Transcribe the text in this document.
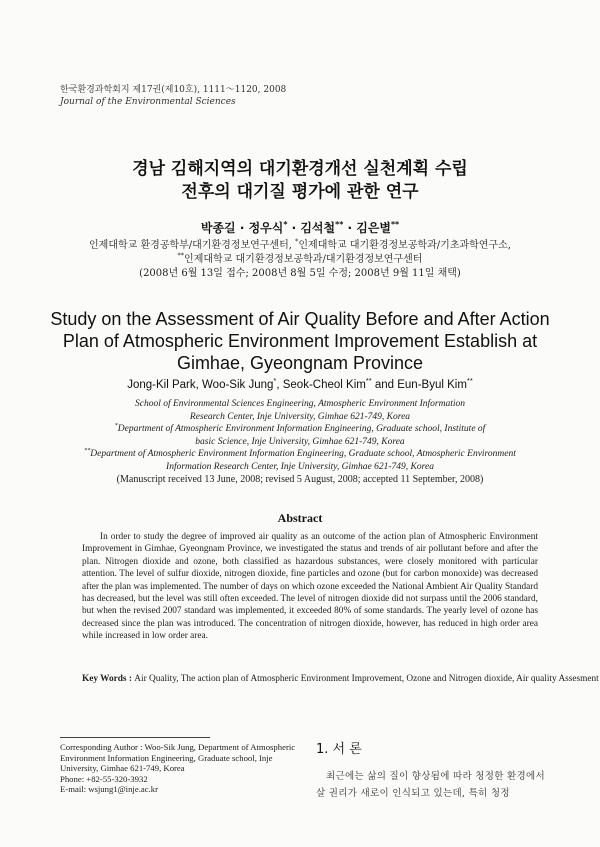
한국환경과학회지 제17권(제10호), 1111～1120, 2008
Journal of the Environmental Sciences
경남 김해지역의 대기환경개선 실천계획 수립
전후의 대기질 평가에 관한 연구
박종길 · 정우식* · 김석철** · 김은별**
인제대학교 환경공학부/대기환경정보연구센터, *인제대학교 대기환경정보공학과/기초과학연구소,
**인제대학교 대기환경정보공학과/대기환경정보연구센터
(2008년 6월 13일 접수; 2008년 8월 5일 수정; 2008년 9월 11일 채택)
Study on the Assessment of Air Quality Before and After Action
Plan of Atmospheric Environment Improvement Establish at
Gimhae, Gyeongnam Province
Jong-Kil Park, Woo-Sik Jung*, Seok-Cheol Kim** and Eun-Byul Kim**
School of Environmental Sciences Engineering, Atmospheric Environment Information
Research Center, Inje University, Gimhae 621-749, Korea
*Department of Atmospheric Environment Information Engineering, Graduate school, Institute of
basic Science, Inje University, Gimhae 621-749, Korea
**Department of Atmospheric Environment Information Engineering, Graduate school, Atmospheric Environment
Information Research Center, Inje University, Gimhae 621-749, Korea
(Manuscript received 13 June, 2008; revised 5 August, 2008; accepted 11 September, 2008)
Abstract
In order to study the degree of improved air quality as an outcome of the action plan of Atmospheric Environment Improvement in Gimhae, Gyeongnam Province, we investigated the status and trends of air pollutant before and after the plan. Nitrogen dioxide and ozone, both classified as hazardous substances, were closely monitored with particular attention. The level of sulfur dioxide, nitrogen dioxide, fine particles and ozone (but for carbon monoxide) was decreased after the plan was implemented. The number of days on which ozone exceeded the National Ambient Air Quality Standard has decreased, but the level was still often exceeded. The level of nitrogen dioxide did not surpass until the 2006 standard, but when the revised 2007 standard was implemented, it exceeded 80% of some standards. The yearly level of ozone has decreased since the plan was introduced. The concentration of nitrogen dioxide, however, has reduced in high order area while increased in low order area.
Key Words : Air Quality, The action plan of Atmospheric Environment Improvement, Ozone and Nitrogen dioxide, Air quality Assesment
Corresponding Author : Woo-Sik Jung, Department of Atmospheric Environment Information Engineering, Graduate school, Inje University, Gimhae 621-749, Korea
Phone: +82-55-320-3932
E-mail: wsjung1@inje.ac.kr
1. 서 론
최근에는 삶의 질이 향상됨에 따라 청정한 환경에서 살 권리가 새로이 인식되고 있는데, 특히 청정
